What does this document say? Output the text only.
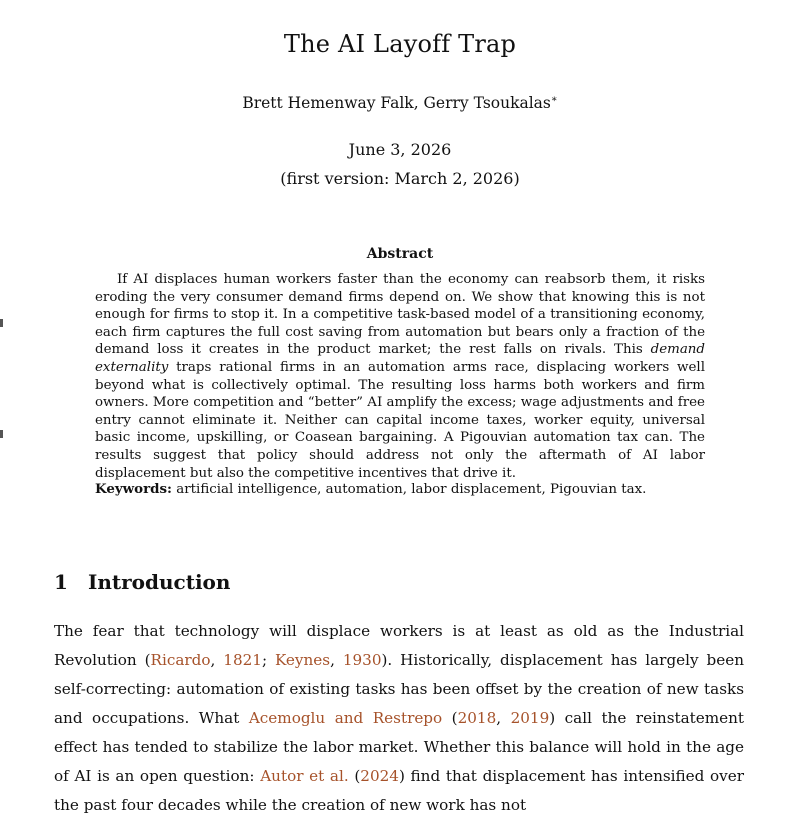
The AI Layoff Trap
Brett Hemenway Falk, Gerry Tsoukalas∗
June 3, 2026
(first version: March 2, 2026)
Abstract
If AI displaces human workers faster than the economy can reabsorb them, it risks eroding the very consumer demand firms depend on. We show that knowing this is not enough for firms to stop it. In a competitive task-based model of a transitioning economy, each firm captures the full cost saving from automation but bears only a fraction of the demand loss it creates in the product market; the rest falls on rivals. This demand externality traps rational firms in an automation arms race, displacing workers well beyond what is collectively optimal. The resulting loss harms both workers and firm owners. More competition and “better” AI amplify the excess; wage adjustments and free entry cannot eliminate it. Neither can capital income taxes, worker equity, universal basic income, upskilling, or Coasean bargaining. A Pigouvian automation tax can. The results suggest that policy should address not only the aftermath of AI labor displacement but also the competitive incentives that drive it.
Keywords: artificial intelligence, automation, labor displacement, Pigouvian tax.
1 Introduction
The fear that technology will displace workers is at least as old as the Industrial Revolution (Ricardo, 1821; Keynes, 1930). Historically, displacement has largely been self-correcting: automation of existing tasks has been offset by the creation of new tasks and occupations. What Acemoglu and Restrepo (2018, 2019) call the reinstatement effect has tended to stabilize the labor market. Whether this balance will hold in the age of AI is an open question: Autor et al. (2024) find that displacement has intensified over the past four decades while the creation of new work has not
